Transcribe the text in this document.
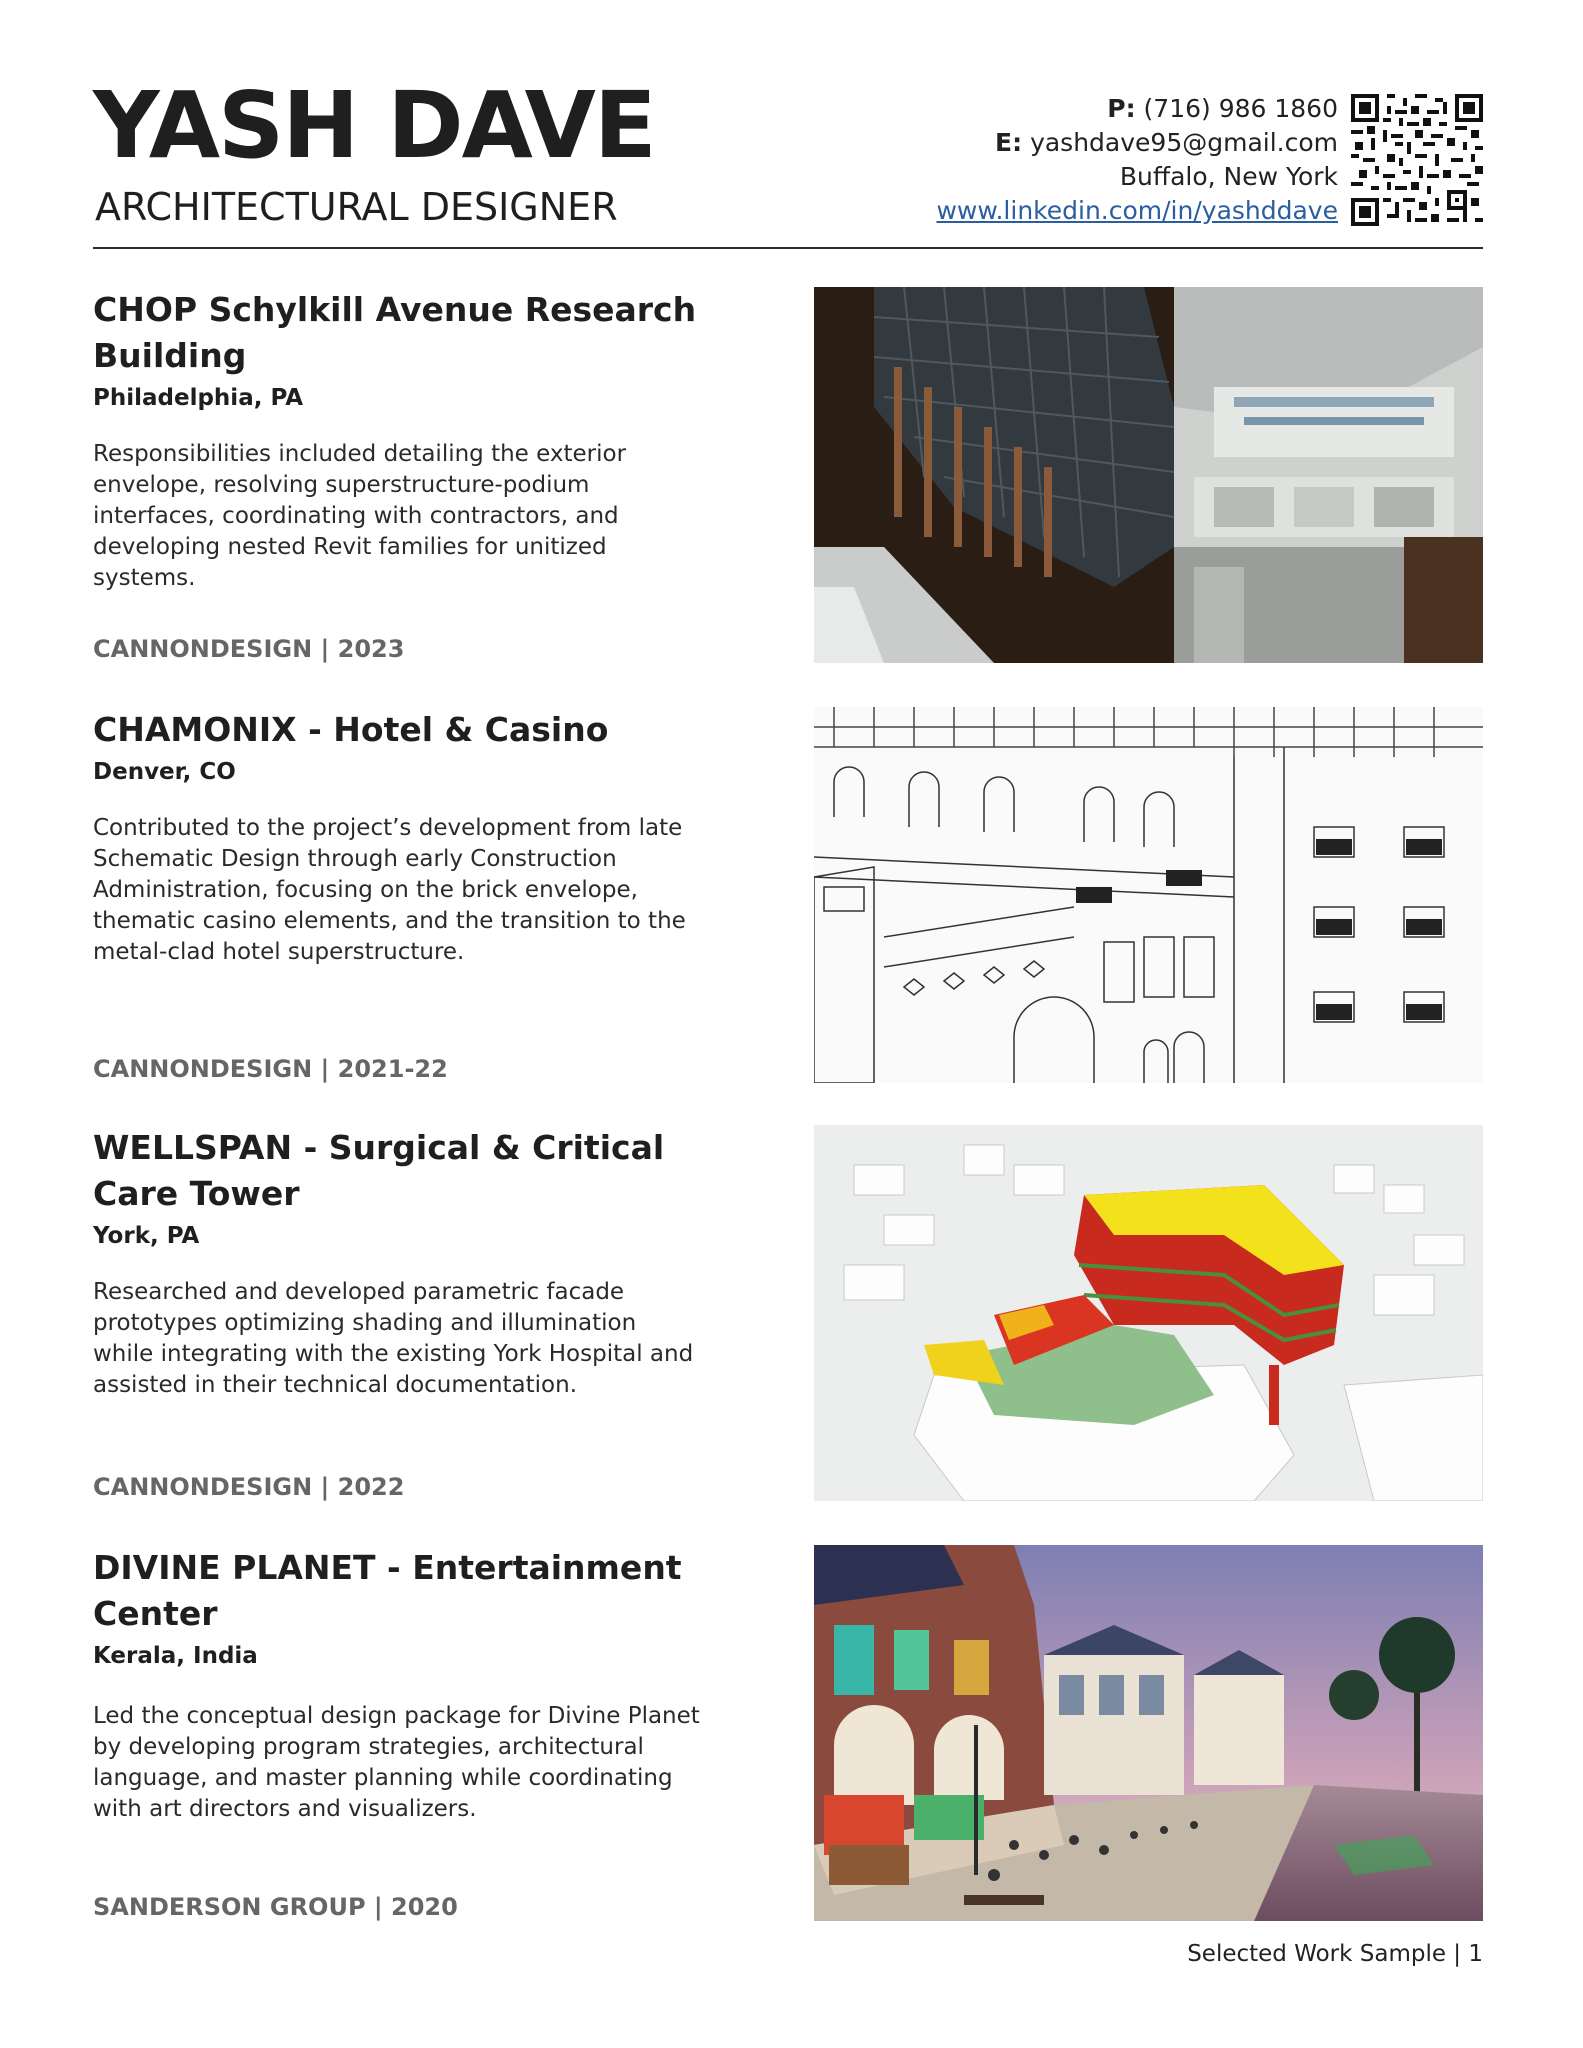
YASH DAVE
ARCHITECTURAL DESIGNER
P: (716) 986 1860
E: yashdave95@gmail.com
Buffalo, New York
www.linkedin.com/in/yashddave
CHOP Schylkill Avenue Research Building
Philadelphia, PA
Responsibilities included detailing the exterior envelope, resolving superstructure-podium interfaces, coordinating with contractors, and developing nested Revit families for unitized systems.
CANNONDESIGN | 2023
CHAMONIX - Hotel & Casino
Denver, CO
Contributed to the project’s development from late Schematic Design through early Construction Administration, focusing on the brick envelope, thematic casino elements, and the transition to the metal-clad hotel superstructure.
CANNONDESIGN | 2021-22
WELLSPAN - Surgical & Critical Care Tower
York, PA
Researched and developed parametric facade prototypes optimizing shading and illumination while integrating with the existing York Hospital and assisted in their technical documentation.
CANNONDESIGN | 2022
DIVINE PLANET - Entertainment Center
Kerala, India
Led the conceptual design package for Divine Planet by developing program strategies, architectural language, and master planning while coordinating with art directors and visualizers.
SANDERSON GROUP | 2020
Selected Work Sample | 1
